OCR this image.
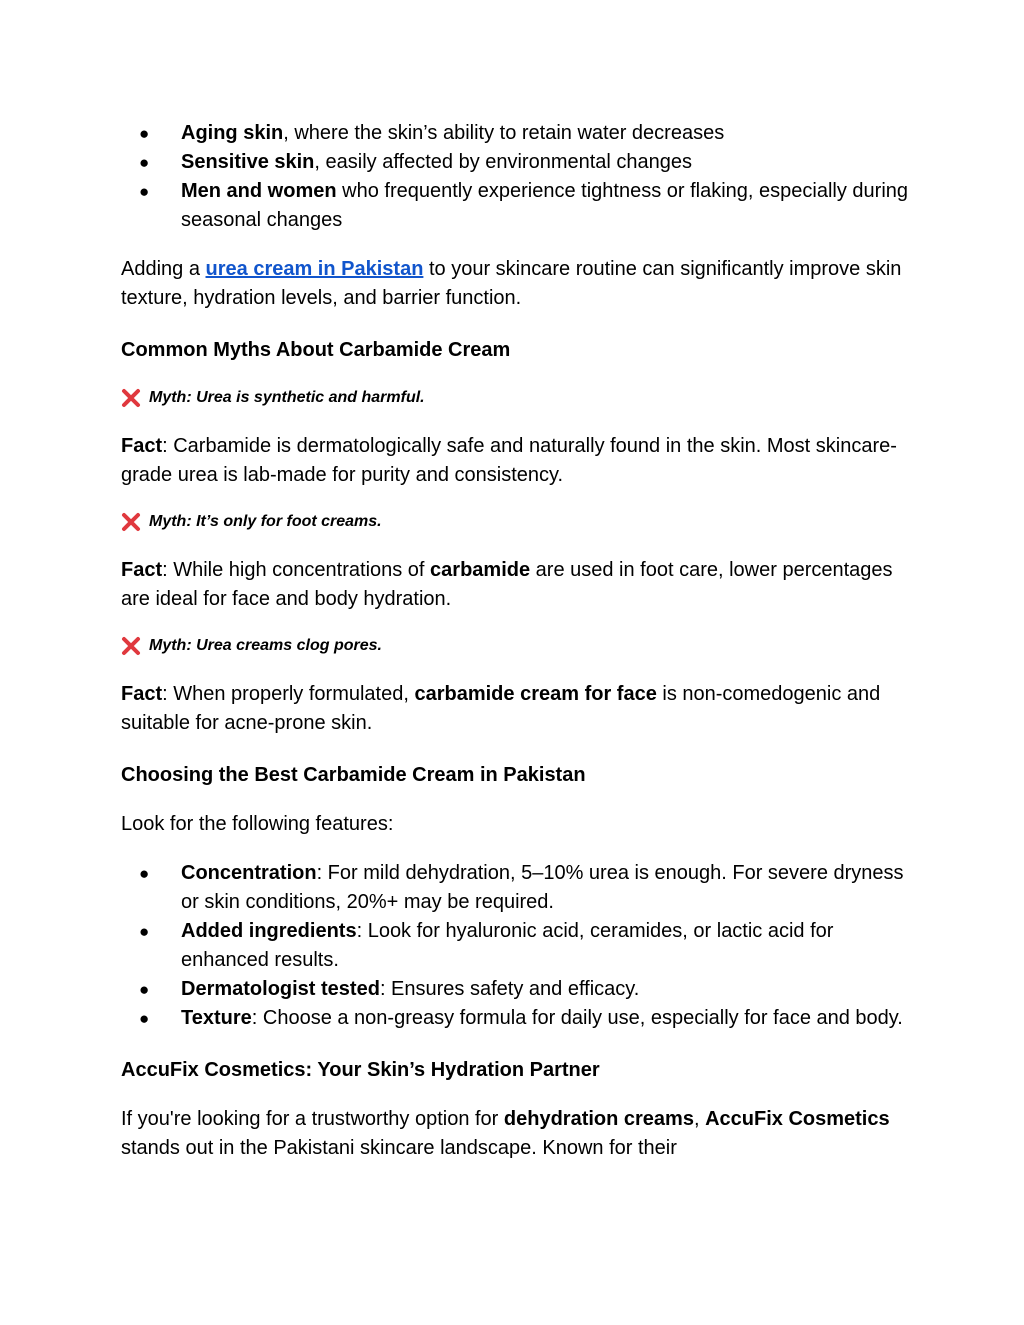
● Aging skin, where the skin’s ability to retain water decreases
● Sensitive skin, easily affected by environmental changes
● Men and women who frequently experience tightness or flaking, especially during seasonal changes

Adding a urea cream in Pakistan to your skincare routine can significantly improve skin texture, hydration levels, and barrier function.

Common Myths About Carbamide Cream
Myth: Urea is synthetic and harmful.

Fact: Carbamide is dermatologically safe and naturally found in the skin. Most skincare-grade urea is lab-made for purity and consistency.

Myth: It’s only for foot creams.

Fact: While high concentrations of carbamide are used in foot care, lower percentages are ideal for face and body hydration.

Myth: Urea creams clog pores.

Fact: When properly formulated, carbamide cream for face is non-comedogenic and suitable for acne-prone skin.

Choosing the Best Carbamide Cream in Pakistan

Look for the following features:

● Concentration: For mild dehydration, 5–10% urea is enough. For severe dryness or skin conditions, 20%+ may be required.
● Added ingredients: Look for hyaluronic acid, ceramides, or lactic acid for enhanced results.
● Dermatologist tested: Ensures safety and efficacy.
● Texture: Choose a non-greasy formula for daily use, especially for face and body.
AccuFix Cosmetics: Your Skin’s Hydration Partner

If you're looking for a trustworthy option for dehydration creams, AccuFix Cosmetics stands out in the Pakistani skincare landscape. Known for their
